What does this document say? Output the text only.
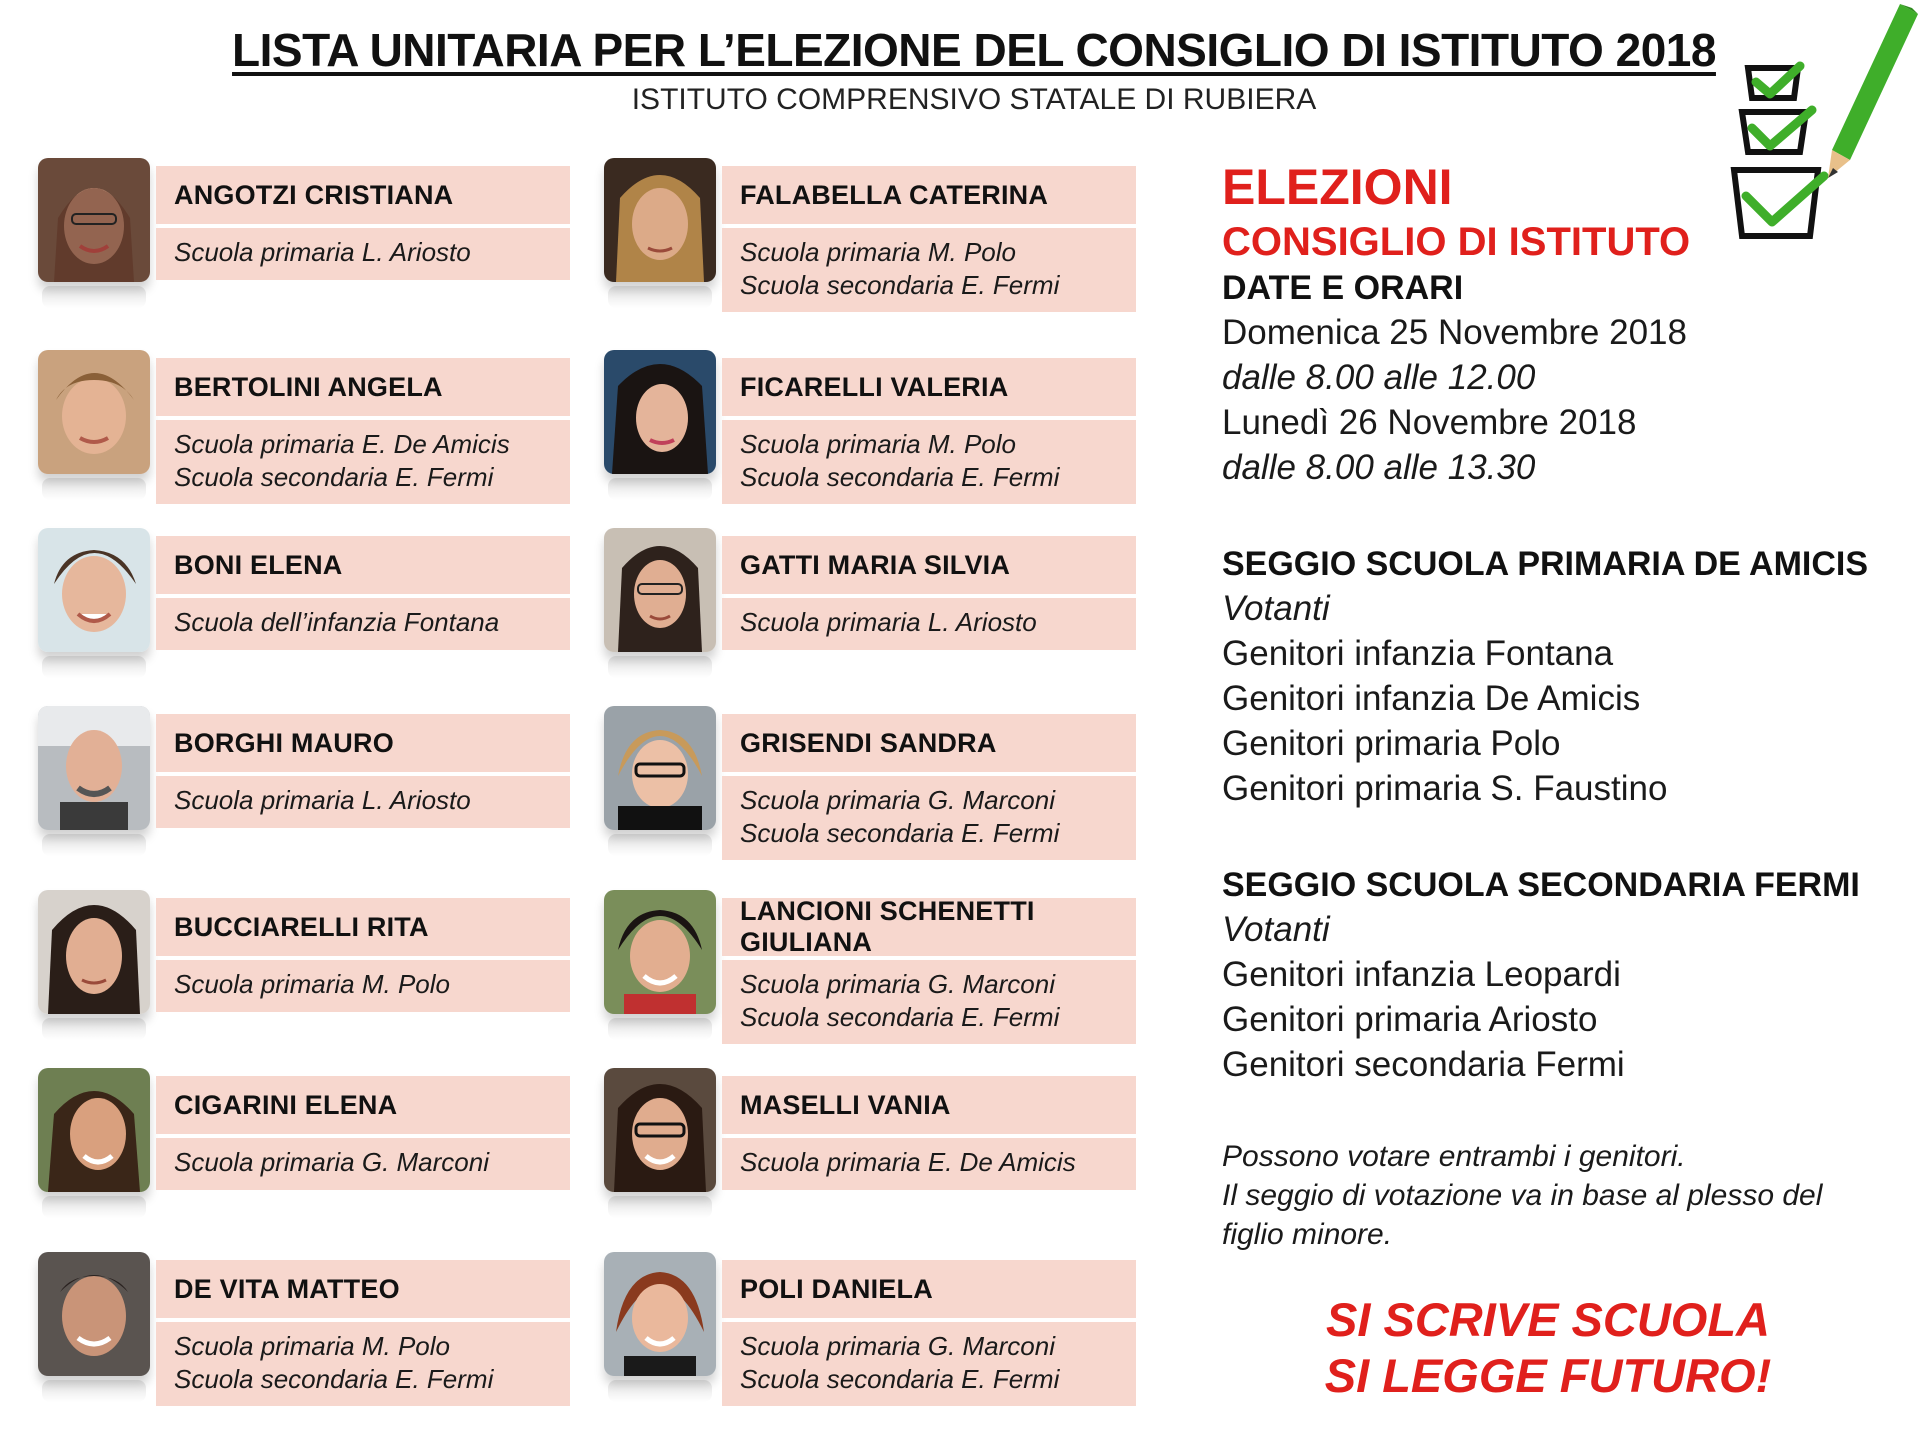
LISTA UNITARIA PER L’ELEZIONE DEL CONSIGLIO DI ISTITUTO 2018
ISTITUTO COMPRENSIVO STATALE DI RUBIERA
ANGOTZI CRISTIANA
Scuola primaria L. Ariosto
BERTOLINI ANGELA
Scuola primaria E. De Amicis
Scuola secondaria E. Fermi
BONI ELENA
Scuola dell’infanzia Fontana
BORGHI MAURO
Scuola primaria L. Ariosto
BUCCIARELLI RITA
Scuola primaria M. Polo
CIGARINI ELENA
Scuola primaria G. Marconi
DE VITA MATTEO
Scuola primaria M. Polo
Scuola secondaria E. Fermi
FALABELLA CATERINA
Scuola primaria M. Polo
Scuola secondaria E. Fermi
FICARELLI VALERIA
Scuola primaria M. Polo
Scuola secondaria E. Fermi
GATTI MARIA SILVIA
Scuola primaria L. Ariosto
GRISENDI SANDRA
Scuola primaria G. Marconi
Scuola secondaria E. Fermi
LANCIONI SCHENETTI GIULIANA
Scuola primaria G. Marconi
Scuola secondaria E. Fermi
MASELLI VANIA
Scuola primaria E. De Amicis
POLI DANIELA
Scuola primaria G. Marconi
Scuola secondaria E. Fermi
ELEZIONI
CONSIGLIO DI ISTITUTO
DATE E ORARI
Domenica 25 Novembre 2018
dalle 8.00 alle 12.00
Lunedì 26 Novembre 2018
dalle 8.00 alle 13.30
SEGGIO SCUOLA PRIMARIA DE AMICIS
Votanti
Genitori infanzia Fontana
Genitori infanzia De Amicis
Genitori primaria Polo
Genitori primaria S. Faustino
SEGGIO SCUOLA SECONDARIA FERMI
Votanti
Genitori infanzia Leopardi
Genitori primaria Ariosto
Genitori secondaria Fermi
Possono votare entrambi i genitori.
Il seggio di votazione va in base al plesso del
figlio minore.
SI SCRIVE SCUOLA
SI LEGGE FUTURO!
